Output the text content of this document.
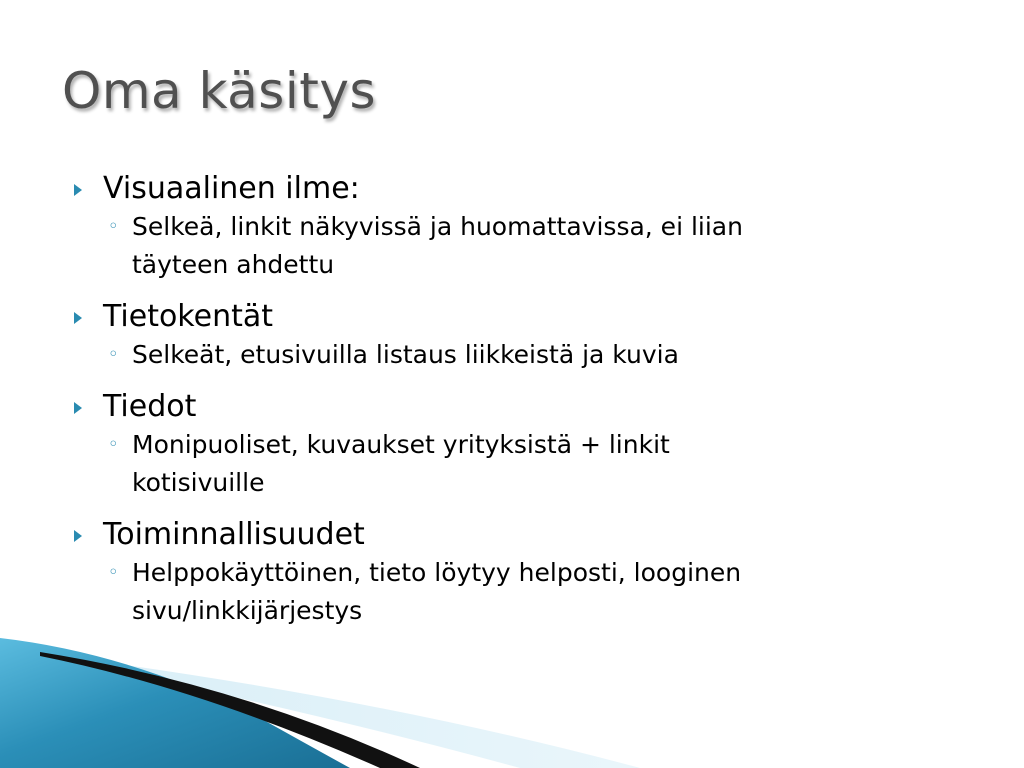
Oma käsitys
Visuaalinen ilme:
◦ Selkeä, linkit näkyvissä ja huomattavissa, ei liian
täyteen ahdettu
Tietokentät
◦ Selkeät, etusivuilla listaus liikkeistä ja kuvia
Tiedot
◦ Monipuoliset, kuvaukset yrityksistä + linkit
kotisivuille
Toiminnallisuudet
◦ Helppokäyttöinen, tieto löytyy helposti, looginen
sivu/linkkijärjestys
